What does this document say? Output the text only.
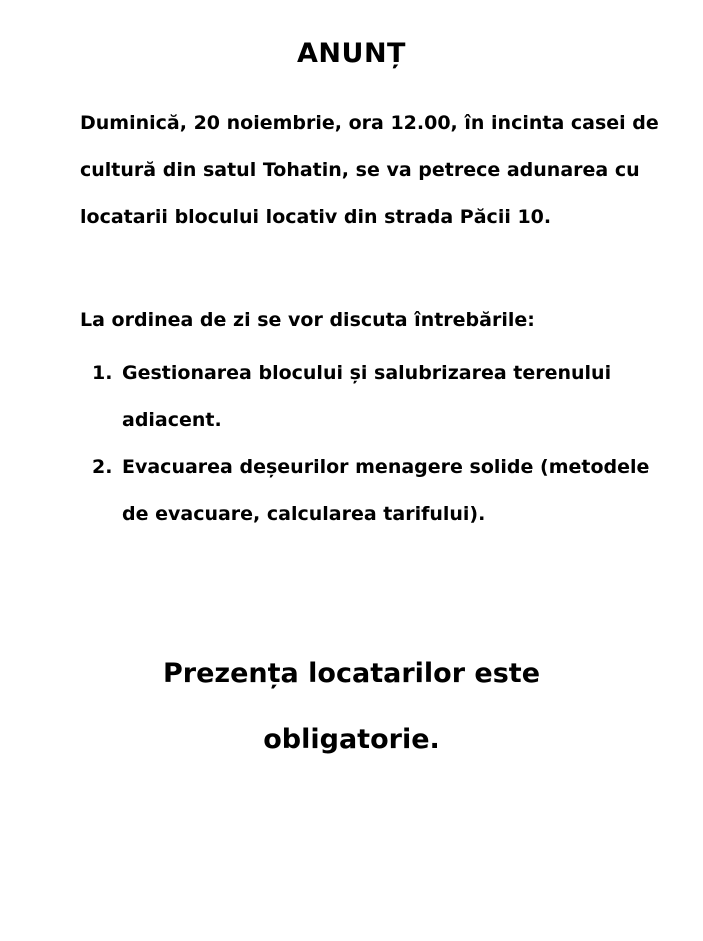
ANUNȚ

Duminică, 20 noiembrie, ora 12.00, în incinta casei de cultură din satul Tohatin, se va petrece adunarea cu locatarii blocului locativ din strada Păcii 10.

La ordinea de zi se vor discuta întrebările:

1. Gestionarea blocului și salubrizarea terenului adiacent.
2. Evacuarea deșeurilor menagere solide (metodele de evacuare, calcularea tarifului).

Prezența locatarilor este
obligatorie.
